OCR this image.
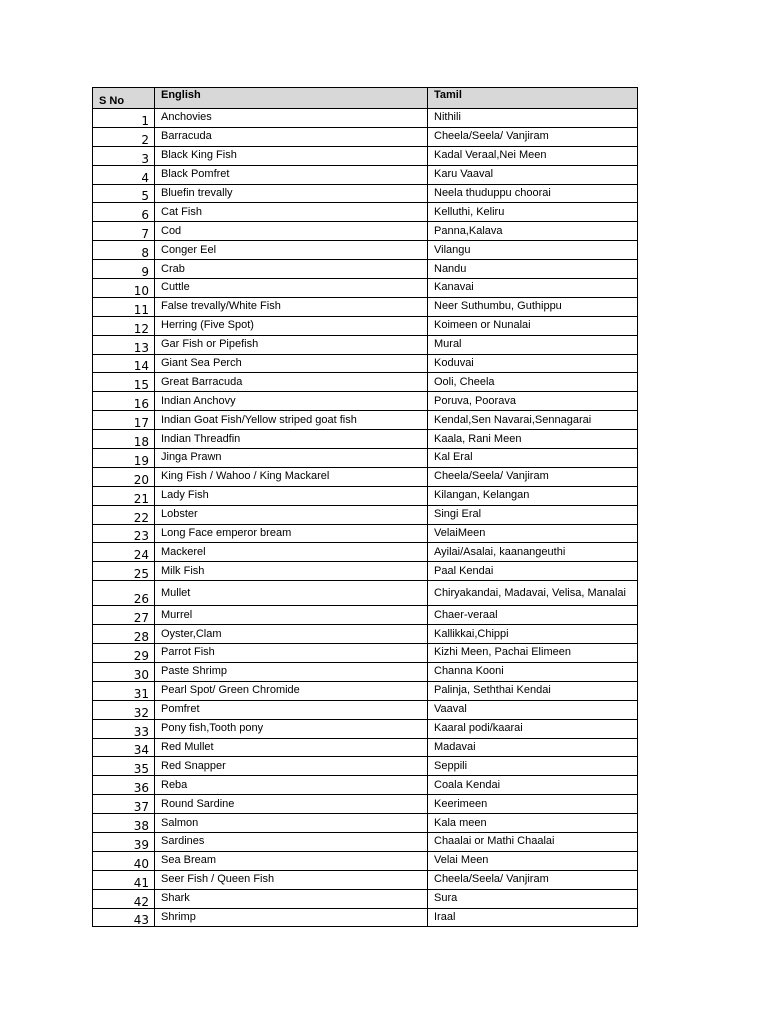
S No	English	Tamil
1	Anchovies	Nithili
2	Barracuda	Cheela/Seela/ Vanjiram
3	Black King Fish	Kadal Veraal,Nei Meen
4	Black Pomfret	Karu Vaaval
5	Bluefin trevally	Neela thuduppu choorai
6	Cat Fish	Kelluthi, Keliru
7	Cod	Panna,Kalava
8	Conger Eel	Vilangu
9	Crab	Nandu
10	Cuttle	Kanavai
11	False trevally/White Fish	Neer Suthumbu, Guthippu
12	Herring (Five Spot)	Koimeen or Nunalai
13	Gar Fish or Pipefish	Mural
14	Giant Sea Perch	Koduvai
15	Great Barracuda	Ooli, Cheela
16	Indian Anchovy	Poruva, Poorava
17	Indian Goat Fish/Yellow striped goat fish	Kendal,Sen Navarai,Sennagarai
18	Indian Threadfin	Kaala, Rani Meen
19	Jinga Prawn	Kal Eral
20	King Fish / Wahoo / King Mackarel	Cheela/Seela/ Vanjiram
21	Lady Fish	Kilangan, Kelangan
22	Lobster	Singi Eral
23	Long Face emperor bream	VelaiMeen
24	Mackerel	Ayilai/Asalai, kaanangeuthi
25	Milk Fish	Paal Kendai
26	Mullet	Chiryakandai, Madavai, Velisa, Manalai
27	Murrel	Chaer-veraal
28	Oyster,Clam	Kallikkai,Chippi
29	Parrot Fish	Kizhi Meen, Pachai Elimeen
30	Paste Shrimp	Channa Kooni
31	Pearl Spot/ Green Chromide	Palinja, Seththai Kendai
32	Pomfret	Vaaval
33	Pony fish,Tooth pony	Kaaral podi/kaarai
34	Red Mullet	Madavai
35	Red Snapper	Seppili
36	Reba	Coala Kendai
37	Round Sardine	Keerimeen
38	Salmon	Kala meen
39	Sardines	Chaalai or Mathi Chaalai
40	Sea Bream	Velai Meen
41	Seer Fish / Queen Fish	Cheela/Seela/ Vanjiram
42	Shark	Sura
43	Shrimp	Iraal
